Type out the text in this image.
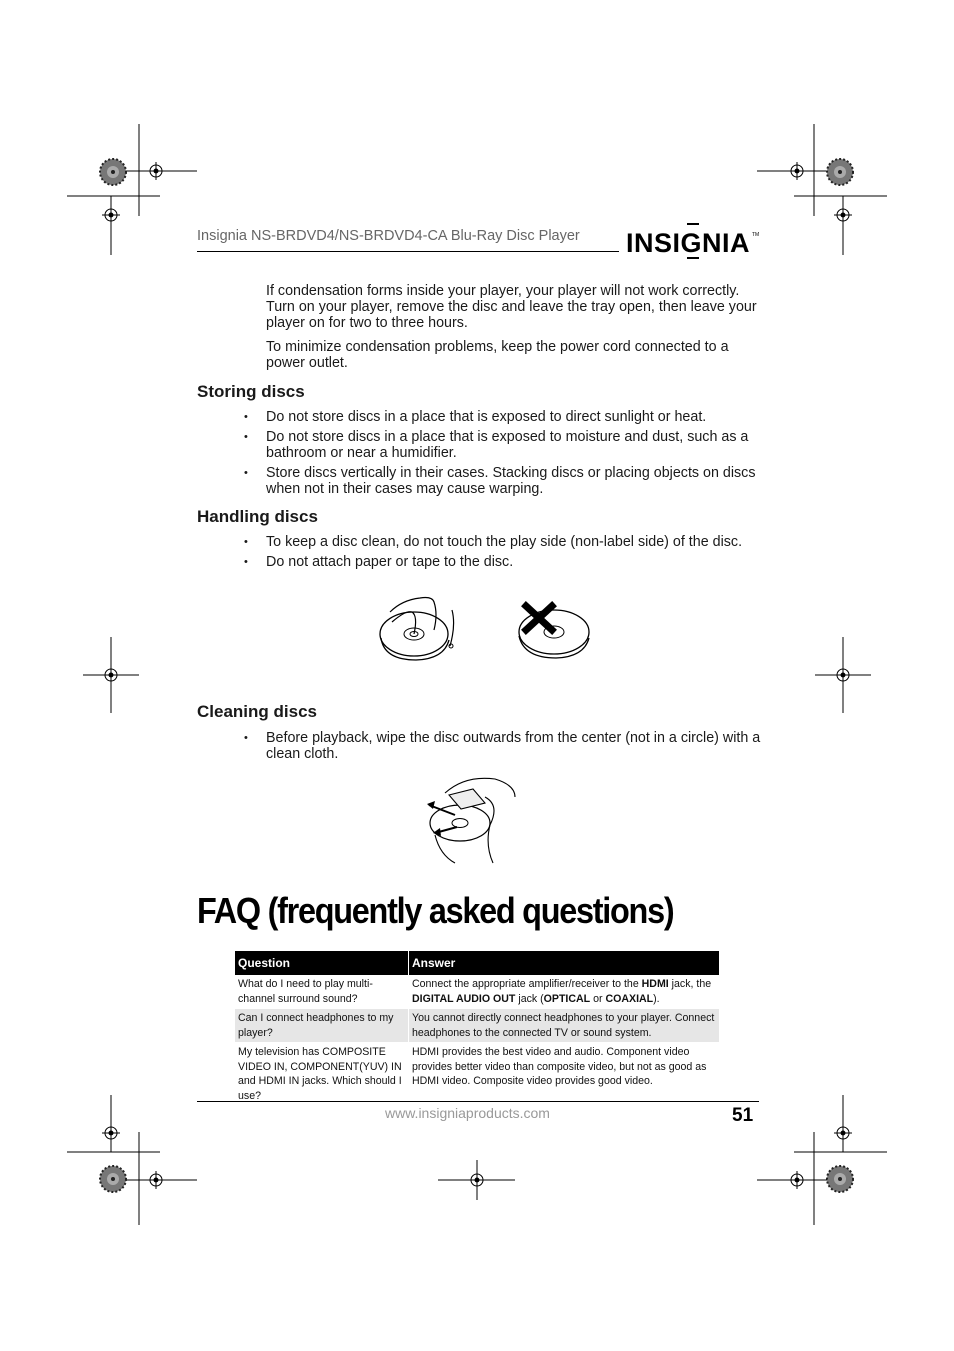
Insignia NS-BRDVD4/NS-BRDVD4-CA Blu-Ray Disc Player INSIGNIA TM

If condensation forms inside your player, your player will not work correctly. Turn on your player, remove the disc and leave the tray open, then leave your player on for two to three hours.

To minimize condensation problems, keep the power cord connected to a power outlet.

Storing discs
• Do not store discs in a place that is exposed to direct sunlight or heat.
• Do not store discs in a place that is exposed to moisture and dust, such as a bathroom or near a humidifier.
• Store discs vertically in their cases. Stacking discs or placing objects on discs when not in their cases may cause warping.
Handling discs
• To keep a disc clean, do not touch the play side (non-label side) of the disc.
• Do not attach paper or tape to the disc.
Cleaning discs
• Before playback, wipe the disc outwards from the center (not in a circle) with a clean cloth.
FAQ (frequently asked questions)
Question	Answer
What do I need to play multi-channel surround sound?	Connect the appropriate amplifier/receiver to the HDMI jack, the DIGITAL AUDIO OUT jack (OPTICAL or COAXIAL).
Can I connect headphones to my player?	You cannot directly connect headphones to your player. Connect headphones to the connected TV or sound system.
My television has COMPOSITE VIDEO IN, COMPONENT(YUV) IN and HDMI IN jacks. Which should I use?	HDMI provides the best video and audio. Component video provides better video than composite video, but not as good as HDMI video. Composite video provides good video.
www.insigniaproducts.com	51
